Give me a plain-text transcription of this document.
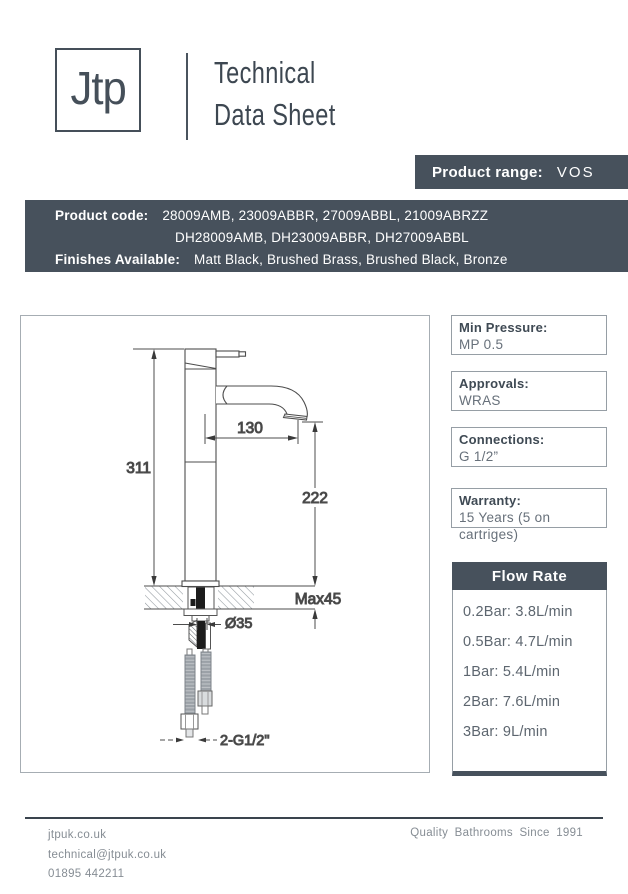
Jtp	Technical
Data Sheet
Product range: VOS
Product code: 28009AMB, 23009ABBR, 27009ABBL, 21009ABRZZ
DH28009AMB, DH23009ABBR, DH27009ABBL
Finishes Available: Matt Black, Brushed Brass, Brushed Black, Bronze
311
130
222
Max45
Ø35
2-G1/2"
Min Pressure:
MP 0.5
Approvals:
WRAS
Connections:
G 1/2”
Warranty:
15 Years (5 on cartriges)
Flow Rate
0.2Bar: 3.8L/min
0.5Bar: 4.7L/min
1Bar: 5.4L/min
2Bar: 7.6L/min
3Bar: 9L/min
jtpuk.co.uk
technical@jtpuk.co.uk
01895 442211
Quality Bathrooms Since 1991
